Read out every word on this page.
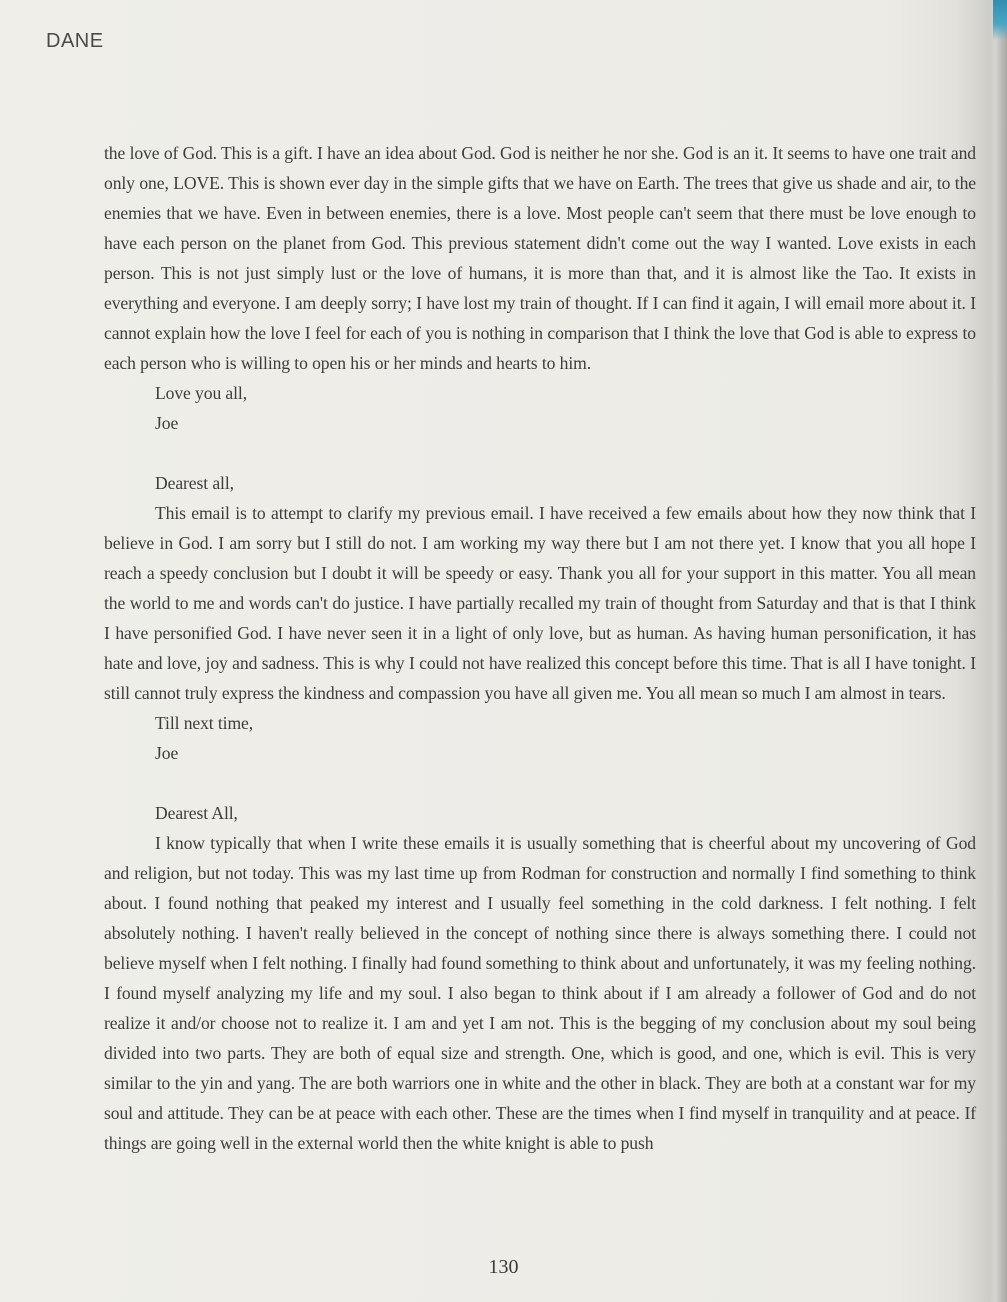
DANE

the love of God. This is a gift. I have an idea about God. God is neither he nor she. God is an it. It seems to have one trait and only one, LOVE. This is shown ever day in the simple gifts that we have on Earth. The trees that give us shade and air, to the enemies that we have. Even in between enemies, there is a love. Most people can't seem that there must be love enough to have each person on the planet from God. This previous statement didn't come out the way I wanted. Love exists in each person. This is not just simply lust or the love of humans, it is more than that, and it is almost like the Tao. It exists in everything and everyone. I am deeply sorry; I have lost my train of thought. If I can find it again, I will email more about it. I cannot explain how the love I feel for each of you is nothing in comparison that I think the love that God is able to express to each person who is willing to open his or her minds and hearts to him.

Love you all,

Joe

Dearest all,

This email is to attempt to clarify my previous email. I have received a few emails about how they now think that I believe in God. I am sorry but I still do not. I am working my way there but I am not there yet. I know that you all hope I reach a speedy conclusion but I doubt it will be speedy or easy. Thank you all for your support in this matter. You all mean the world to me and words can't do justice. I have partially recalled my train of thought from Saturday and that is that I think I have personified God. I have never seen it in a light of only love, but as human. As having human personification, it has hate and love, joy and sadness. This is why I could not have realized this concept before this time. That is all I have tonight. I still cannot truly express the kindness and compassion you have all given me. You all mean so much I am almost in tears.

Till next time,

Joe

Dearest All,

I know typically that when I write these emails it is usually something that is cheerful about my uncovering of God and religion, but not today. This was my last time up from Rodman for construction and normally I find something to think about. I found nothing that peaked my interest and I usually feel something in the cold darkness. I felt nothing. I felt absolutely nothing. I haven't really believed in the concept of nothing since there is always something there. I could not believe myself when I felt nothing. I finally had found something to think about and unfortunately, it was my feeling nothing. I found myself analyzing my life and my soul. I also began to think about if I am already a follower of God and do not realize it and/or choose not to realize it. I am and yet I am not. This is the begging of my conclusion about my soul being divided into two parts. They are both of equal size and strength. One, which is good, and one, which is evil. This is very similar to the yin and yang. The are both warriors one in white and the other in black. They are both at a constant war for my soul and attitude. They can be at peace with each other. These are the times when I find myself in tranquility and at peace. If things are going well in the external world then the white knight is able to push

130
